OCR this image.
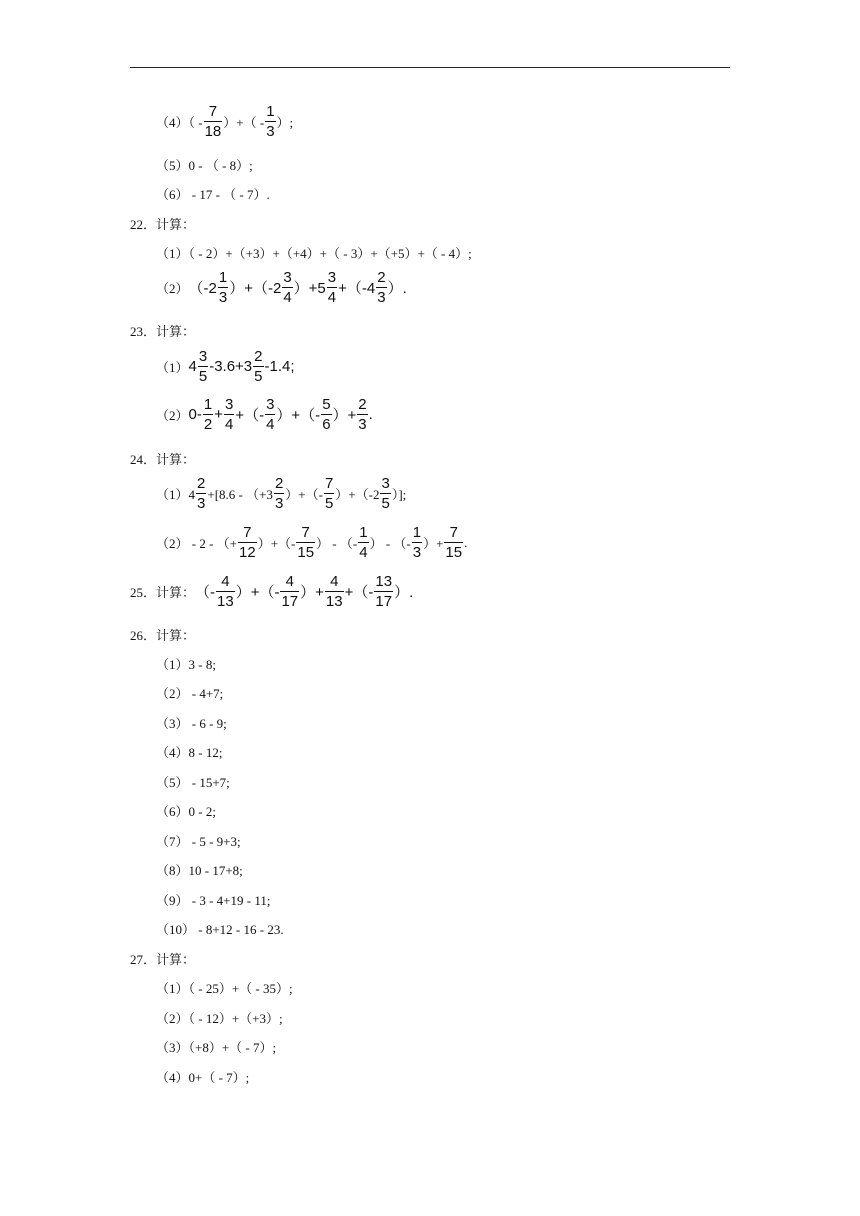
$(4)( - \frac{7}{18}$ ）+（ - $\frac{1}{3}$ ）;
（5）0 - （ - 8）;
（6） - 17 - （ - 7）.
22．计算：
（1）（ - 2）+（+3）+（+4）+（ - 3）+（+5）+（ - 4）;
（2） $(-2 \frac{1}{3} )+(-2 \frac{3}{4} )+5 \frac{3}{4} +(-4 \frac{2}{3}$ ）.
23．计算：
（1） $4 \frac{3}{5} -3.6+3 \frac{2}{5} -1.4$;
（2） $0- \frac{1}{2} + \frac{3}{4}$ +（- $\frac{3}{4}$ ）+（- $\frac{5}{6}$ ）+ $\frac{2}{3}$ .
24．计算：
$(1)4 \frac{2}{3} +[8.6 - (+3 \frac{2}{3}$ ）+（- $\frac{7}{5} )+(-2 \frac{3}{5}$ ）];
（2） - 2 - （+ $\frac{7}{12}$ ）+（- $\frac{7}{15}$ ） - （- $\frac{1}{4}$ ） - （- $\frac{1}{3}$ ）+ $\frac{7}{15}$ .
25．计算： （- $\frac{4}{13}$ ）+（- $\frac{4}{17}$ ）+ $\frac{4}{13}$ +（- $\frac{13}{17}$ ）.
26．计算：
（1）3 - 8;
（2） - 4+7;
（3） - 6 - 9;
（4）8 - 12;
（5） - 15+7;
（6）0 - 2;
（7） - 5 - 9+3;
（8）10 - 17+8;
（9） - 3 - 4+19 - 11;
（10） - 8+12 - 16 - 23.
27．计算：
（1）（ - 25）+（ - 35）;
（2）（ - 12）+（+3）;
（3）（+8）+（ - 7）;
（4）0+（ - 7）;
